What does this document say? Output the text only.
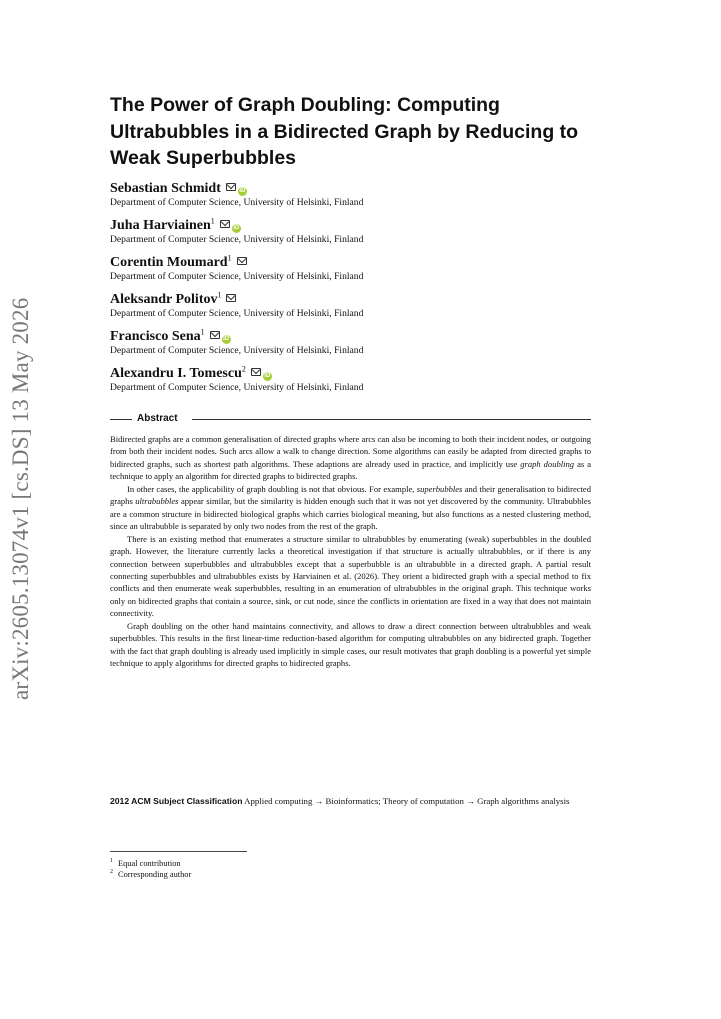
arXiv:2605.13074v1 [cs.DS] 13 May 2026
The Power of Graph Doubling: Computing
Ultrabubbles in a Bidirected Graph by Reducing to
Weak Superbubbles
Sebastian Schmidt	iD
Department of Computer Science, University of Helsinki, Finland
Juha Harviainen$^1$iD
Department of Computer Science, University of Helsinki, Finland
Corentin Moumard$^1$
Department of Computer Science, University of Helsinki, Finland
Aleksandr Politov$^1$
Department of Computer Science, University of Helsinki, Finland
Francisco Sena$^1$iD
Department of Computer Science, University of Helsinki, Finland
Alexandru I. Tomescu$^2$iD
Department of Computer Science, University of Helsinki, Finland
Abstract

Bidirected graphs are a common generalisation of directed graphs where arcs can also be incoming to both their incident nodes, or outgoing from both their incident nodes. Such arcs allow a walk to change direction. Some algorithms can easily be adapted from directed graphs to bidirected graphs, such as shortest path algorithms. These adaptions are already used in practice, and implicitly use graph doubling as a technique to apply an algorithm for directed graphs to bidirected graphs.

In other cases, the applicability of graph doubling is not that obvious. For example, superbubbles and their generalisation to bidirected graphs ultrabubbles appear similar, but the similarity is hidden enough such that it was not yet discovered by the community. Ultrabubbles are a common structure in bidirected biological graphs which carries biological meaning, but also functions as a nested clustering method, since an ultrabubble is separated by only two nodes from the rest of the graph.

There is an existing method that enumerates a structure similar to ultrabubbles by enumerating (weak) superbubbles in the doubled graph. However, the literature currently lacks a theoretical investigation if that structure is actually ultrabubbles, or if there is any connection between superbubbles and ultrabubbles except that a superbubble is an ultrabubble in a directed graph. A partial result connecting superbubbles and ultrabubbles exists by Harviainen et al. (2026). They orient a bidirected graph with a special method to fix conflicts and then enumerate weak superbubbles, resulting in an enumeration of ultrabubbles in the original graph. This technique works only on bidirected graphs that contain a source, sink, or cut node, since the conflicts in orientation are fixed in a way that does not maintain connectivity.

Graph doubling on the other hand maintains connectivity, and allows to draw a direct connection between ultrabubbles and weak superbubbles. This results in the first linear-time reduction-based algorithm for computing ultrabubbles on any bidirected graph. Together with the fact that graph doubling is already used implicitly in simple cases, our result motivates that graph doubling is a powerful yet simple technique to apply algorithms for directed graphs to bidirected graphs.

2012 ACM Subject Classification Applied computing → Bioinformatics; Theory of computation → Graph algorithms analysis
$^1$ Equal contribution
$^2$ Corresponding author
